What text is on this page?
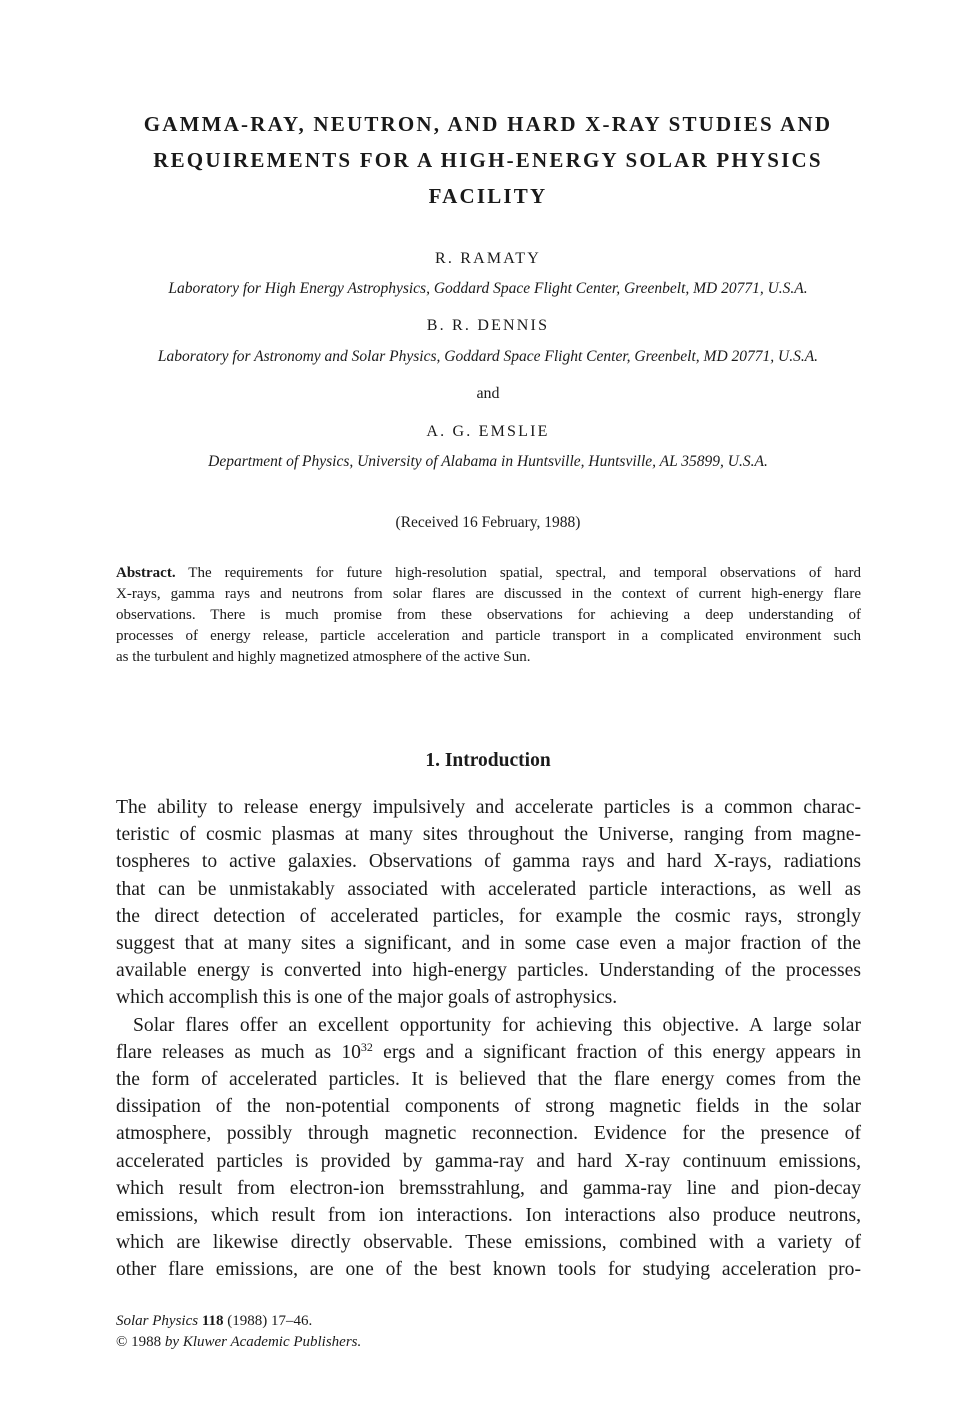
GAMMA-RAY, NEUTRON, AND HARD X-RAY STUDIES AND
REQUIREMENTS FOR A HIGH-ENERGY SOLAR PHYSICS
FACILITY

R. RAMATY

Laboratory for High Energy Astrophysics, Goddard Space Flight Center, Greenbelt, MD 20771, U.S.A.

B. R. DENNIS

Laboratory for Astronomy and Solar Physics, Goddard Space Flight Center, Greenbelt, MD 20771, U.S.A.

and

A. G. EMSLIE

Department of Physics, University of Alabama in Huntsville, Huntsville, AL 35899, U.S.A.

(Received 16 February, 1988)

Abstract. The requirements for future high-resolution spatial, spectral, and temporal observations of hard
X-rays, gamma rays and neutrons from solar flares are discussed in the context of current high-energy flare
observations. There is much promise from these observations for achieving a deep understanding of
processes of energy release, particle acceleration and particle transport in a complicated environment such
as the turbulent and highly magnetized atmosphere of the active Sun.
1. Introduction
The ability to release energy impulsively and accelerate particles is a common charac-
teristic of cosmic plasmas at many sites throughout the Universe, ranging from magne-
tospheres to active galaxies. Observations of gamma rays and hard X-rays, radiations
that can be unmistakably associated with accelerated particle interactions, as well as
the direct detection of accelerated particles, for example the cosmic rays, strongly
suggest that at many sites a significant, and in some case even a major fraction of the
available energy is converted into high-energy particles. Understanding of the processes
which accomplish this is one of the major goals of astrophysics.
Solar flares offer an excellent opportunity for achieving this objective. A large solar
flare releases as much as $10^{32}$ ergs and a significant fraction of this energy appears in
the form of accelerated particles. It is believed that the flare energy comes from the
dissipation of the non-potential components of strong magnetic fields in the solar
atmosphere, possibly through magnetic reconnection. Evidence for the presence of
accelerated particles is provided by gamma-ray and hard X-ray continuum emissions,
which result from electron-ion bremsstrahlung, and gamma-ray line and pion-decay
emissions, which result from ion interactions. Ion interactions also produce neutrons,
which are likewise directly observable. These emissions, combined with a variety of
other flare emissions, are one of the best known tools for studying acceleration pro-
Solar Physics 118 (1988) 17–46.
© 1988 by Kluwer Academic Publishers.
